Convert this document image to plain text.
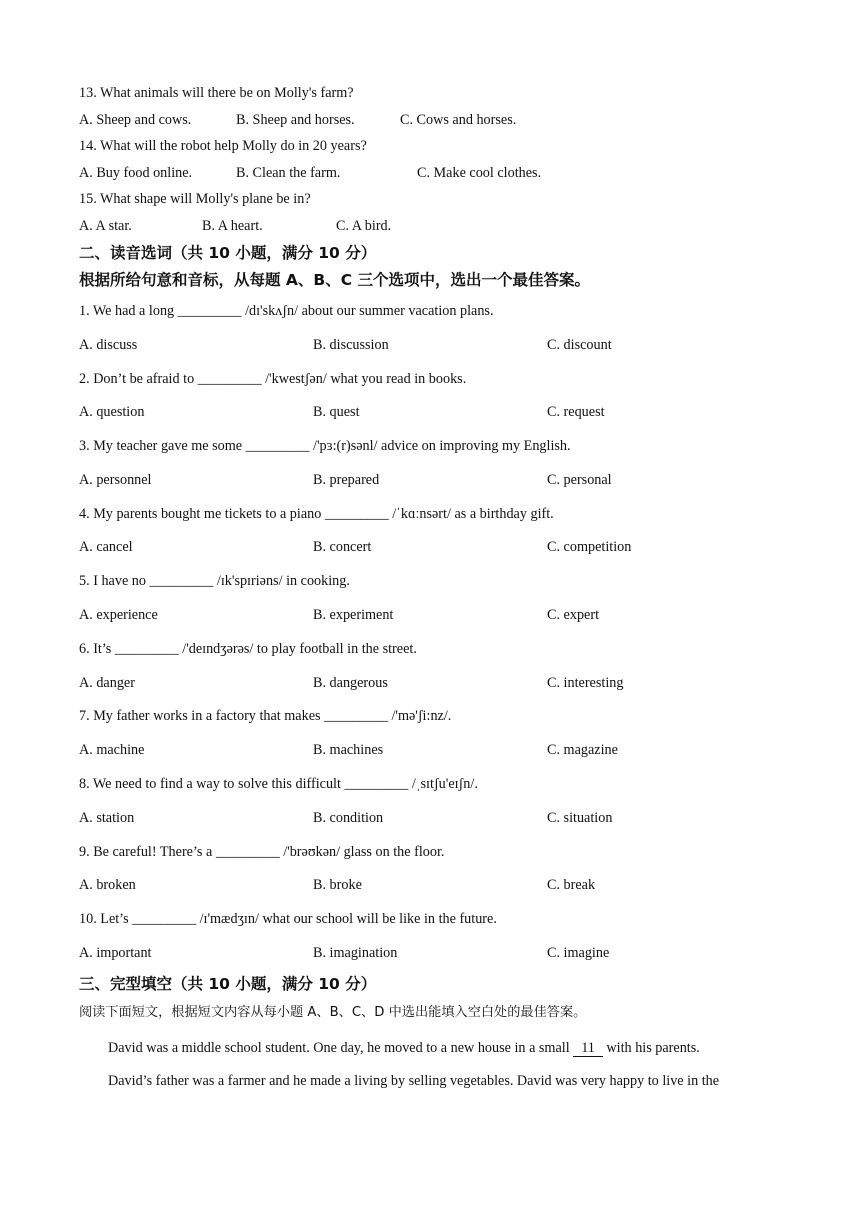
13. What animals will there be on Molly's farm?
A. Sheep and cows.	B. Sheep and horses.	C. Cows and horses.
14. What will the robot help Molly do in 20 years?
A. Buy food online.	B. Clean the farm.	C. Make cool clothes.
15. What shape will Molly's plane be in?
A. A star.	B. A heart.	C. A bird.
二、读音选词（共 10 小题，满分 10 分）
根据所给句意和音标，从每题 A、B、C 三个选项中，选出一个最佳答案。
1. We had a long _________ /dɪ'skʌʃn/ about our summer vacation plans.
A. discuss	B. discussion	C. discount
2. Don’t be afraid to _________ /'kwestʃən/ what you read in books.
A. question	B. quest	C. request
3. My teacher gave me some _________ /'pɜ:(r)sənl/ advice on improving my English.
A. personnel	B. prepared	C. personal
4. My parents bought me tickets to a piano _________ /ˈkɑːnsərt/ as a birthday gift.
A. cancel	B. concert	C. competition
5. I have no _________ /ɪk'spɪriəns/ in cooking.
A. experience	B. experiment	C. expert
6. It’s _________ /'deɪndʒərəs/ to play football in the street.
A. danger	B. dangerous	C. interesting
7. My father works in a factory that makes _________ /'mə'ʃi:nz/.
A. machine	B. machines	C. magazine
8. We need to find a way to solve this difficult _________ /ˌsɪtʃu'eɪʃn/.
A. station	B. condition	C. situation
9. Be careful! There’s a _________ /'brəʊkən/ glass on the floor.
A. broken	B. broke	C. break
10. Let’s _________ /ɪ'mædʒɪn/ what our school will be like in the future.
A. important	B. imagination	C. imagine
三、完型填空（共 10 小题，满分 10 分）
阅读下面短文，根据短文内容从每小题 A、B、C、D 中选出能填入空白处的最佳答案。
David was a middle school student. One day, he moved to a new house in a small 11 with his parents.
David’s father was a farmer and he made a living by selling vegetables. David was very happy to live in the
